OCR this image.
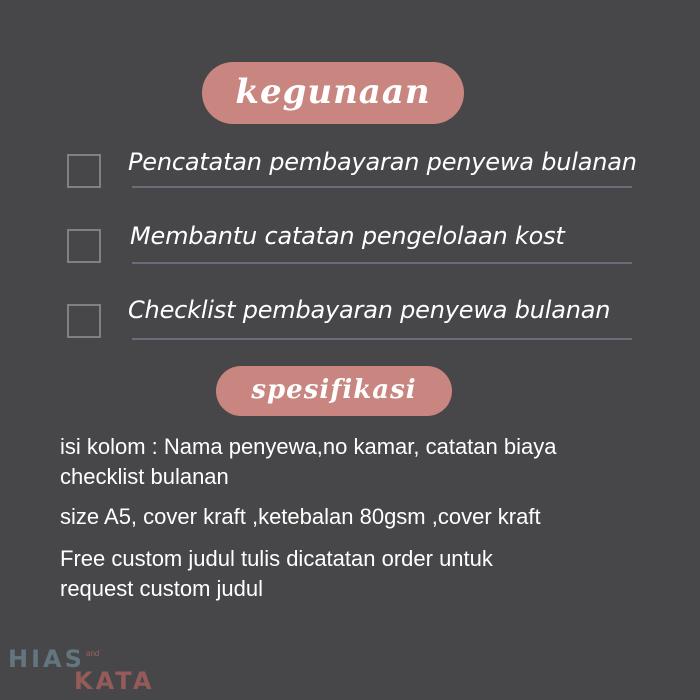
kegunaan
Pencatatan pembayaran penyewa bulanan
Membantu catatan pengelolaan kost
Checklist pembayaran penyewa bulanan
spesifikasi
isi kolom : Nama penyewa,no kamar, catatan biaya
checklist bulanan
size A5, cover kraft ,ketebalan 80gsm ,cover kraft
Free custom judul tulis dicatatan order untuk
request custom judul
HIAS and
KATA
